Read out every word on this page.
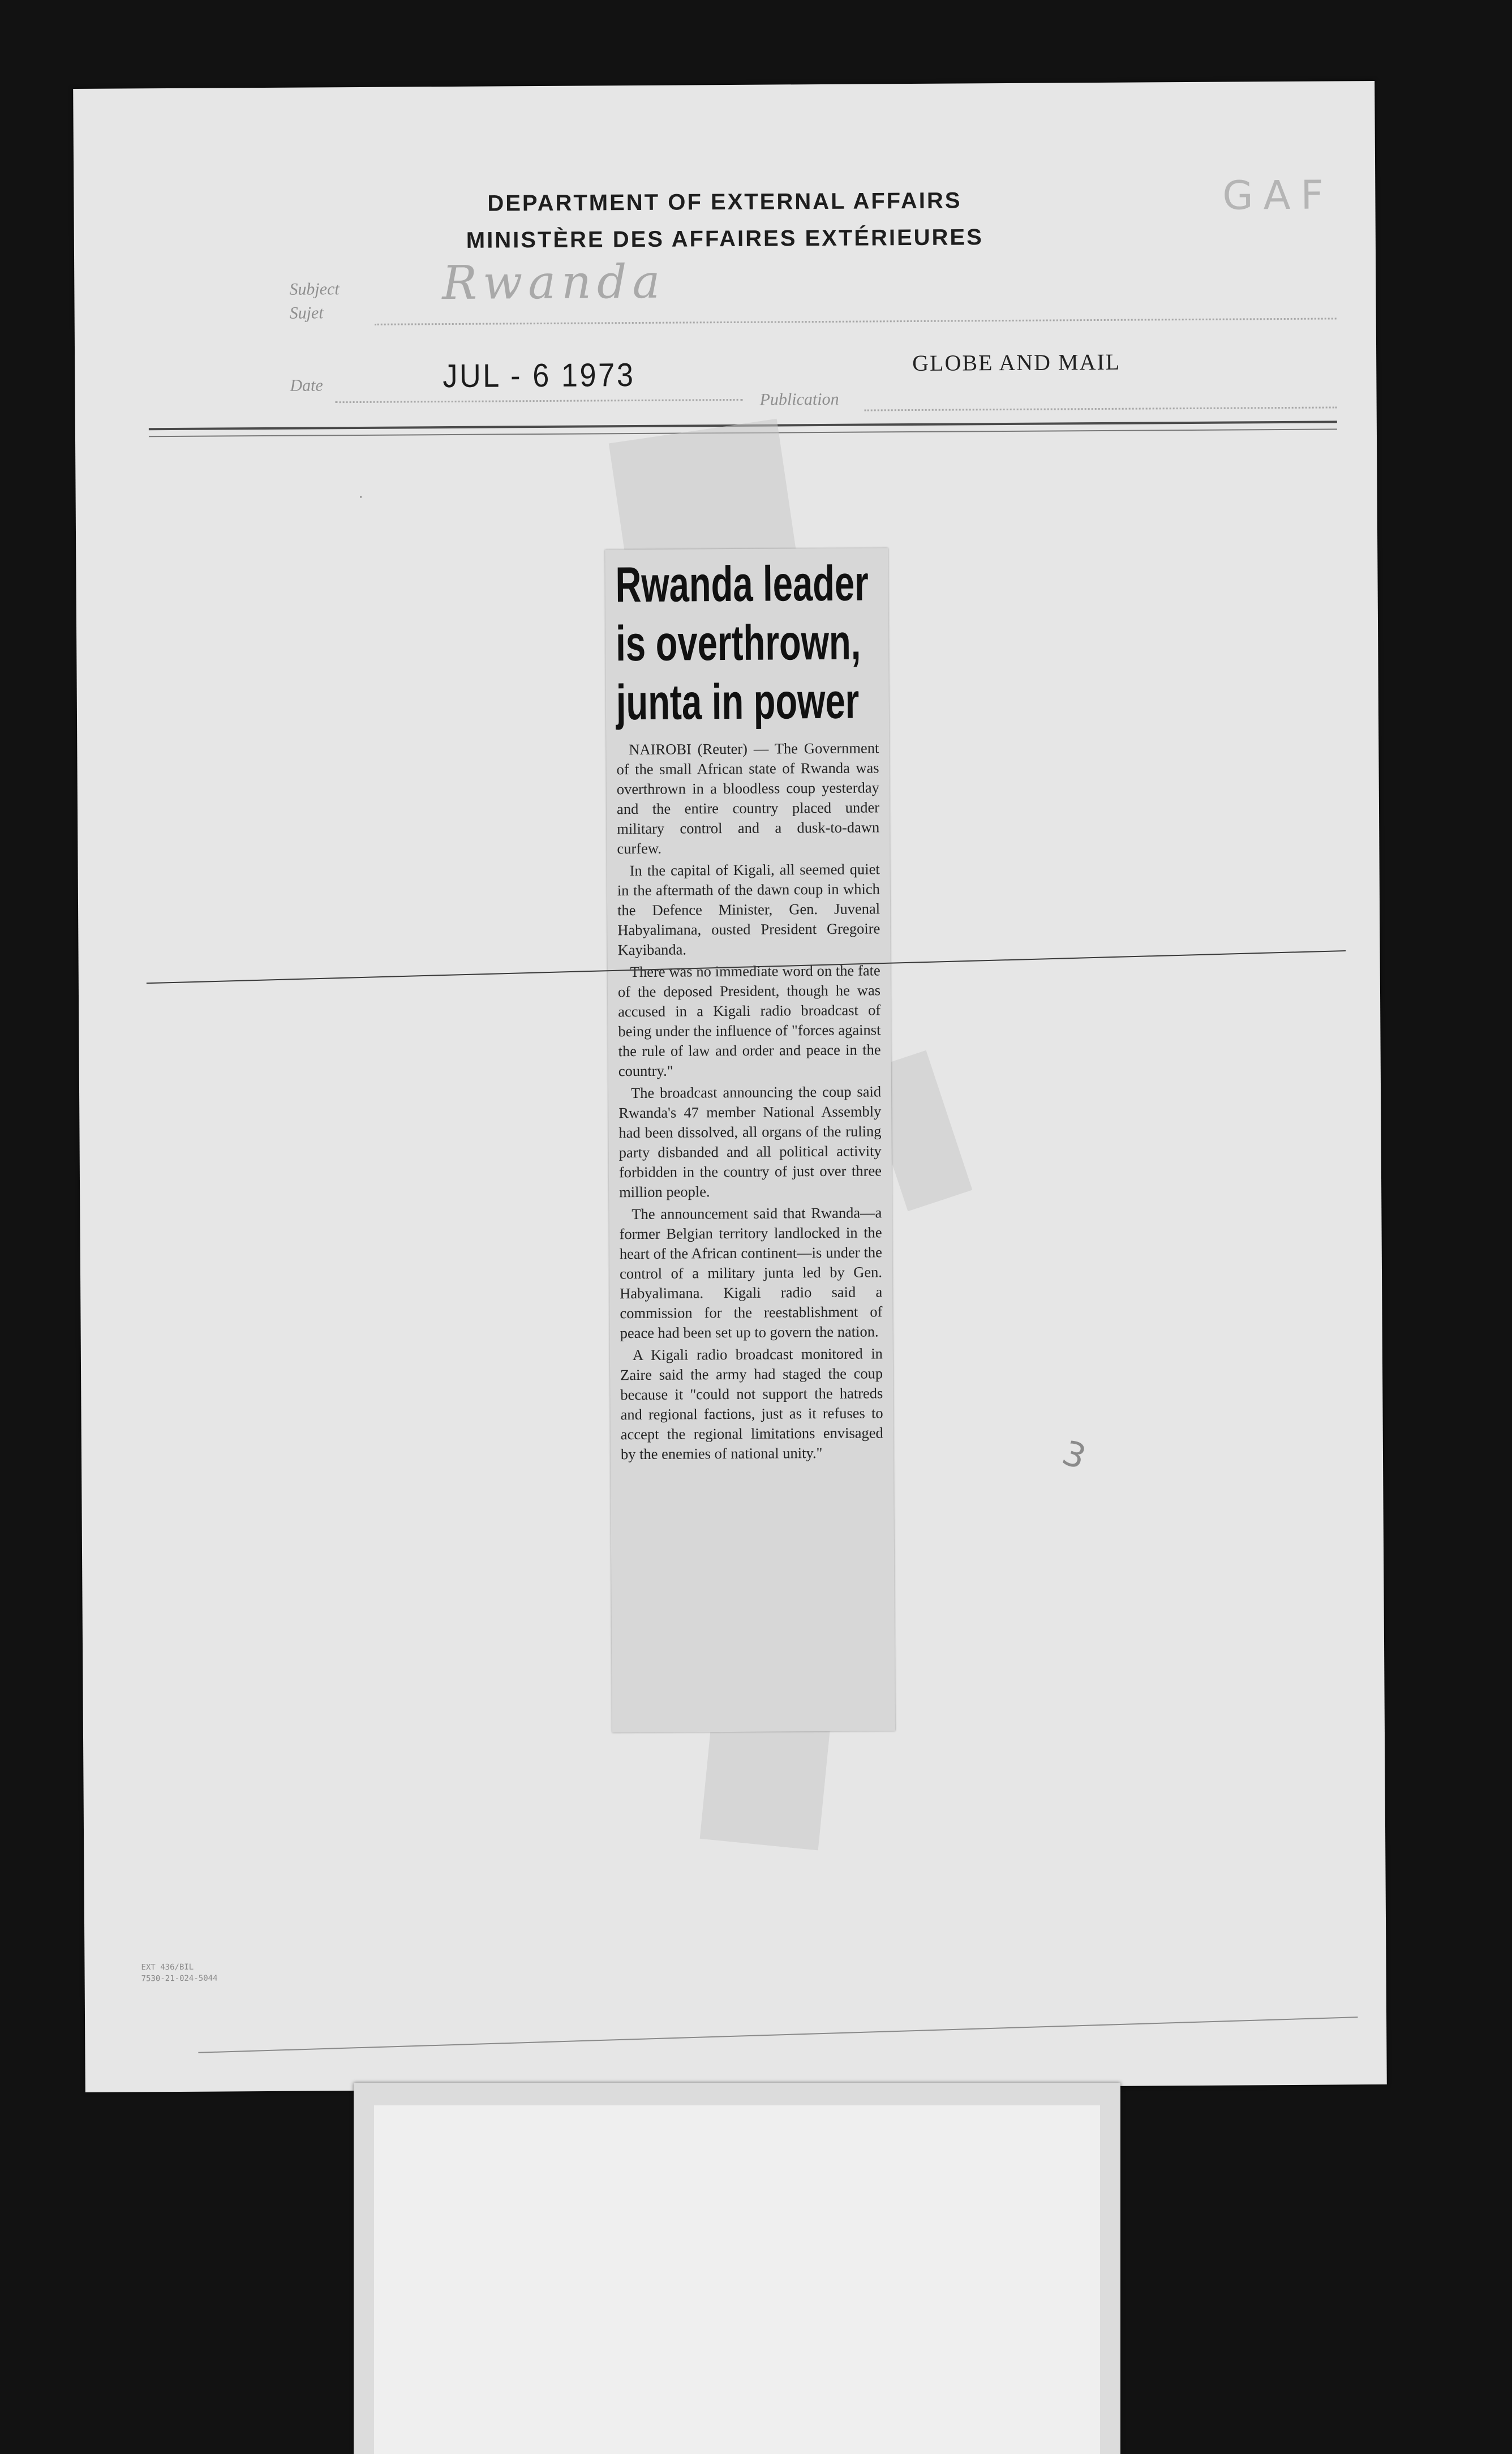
DEPARTMENT OF EXTERNAL AFFAIRS
MINISTÈRE DES AFFAIRES EXTÉRIEURES
GAF
Subject
Sujet
Rwanda
Date	JUL - 6 1973
Publication
GLOBE AND MAIL
·
3
Rwanda leader
is overthrown,
junta in power

NAIROBI (Reuter) — The Government of the small African state of Rwanda was overthrown in a bloodless coup yesterday and the entire country placed under military control and a dusk-to-dawn curfew.

In the capital of Kigali, all seemed quiet in the aftermath of the dawn coup in which the Defence Minister, Gen. Juvenal Habyalimana, ousted President Gregoire Kayibanda.

There was no immediate word on the fate of the deposed President, though he was accused in a Kigali radio broadcast of being under the influence of "forces against the rule of law and order and peace in the country."

The broadcast announcing the coup said Rwanda's 47 member National Assembly had been dissolved, all organs of the ruling party disbanded and all political activity forbidden in the country of just over three million people.

The announcement said that Rwanda—a former Belgian territory landlocked in the heart of the African continent—is under the control of a military junta led by Gen. Habyalimana. Kigali radio said a commission for the reestablishment of peace had been set up to govern the nation.

A Kigali radio broadcast monitored in Zaire said the army had staged the coup because it "could not support the hatreds and regional factions, just as it refuses to accept the regional limitations envisaged by the enemies of national unity."

EXT 436/BIL
7530-21-024-5044
